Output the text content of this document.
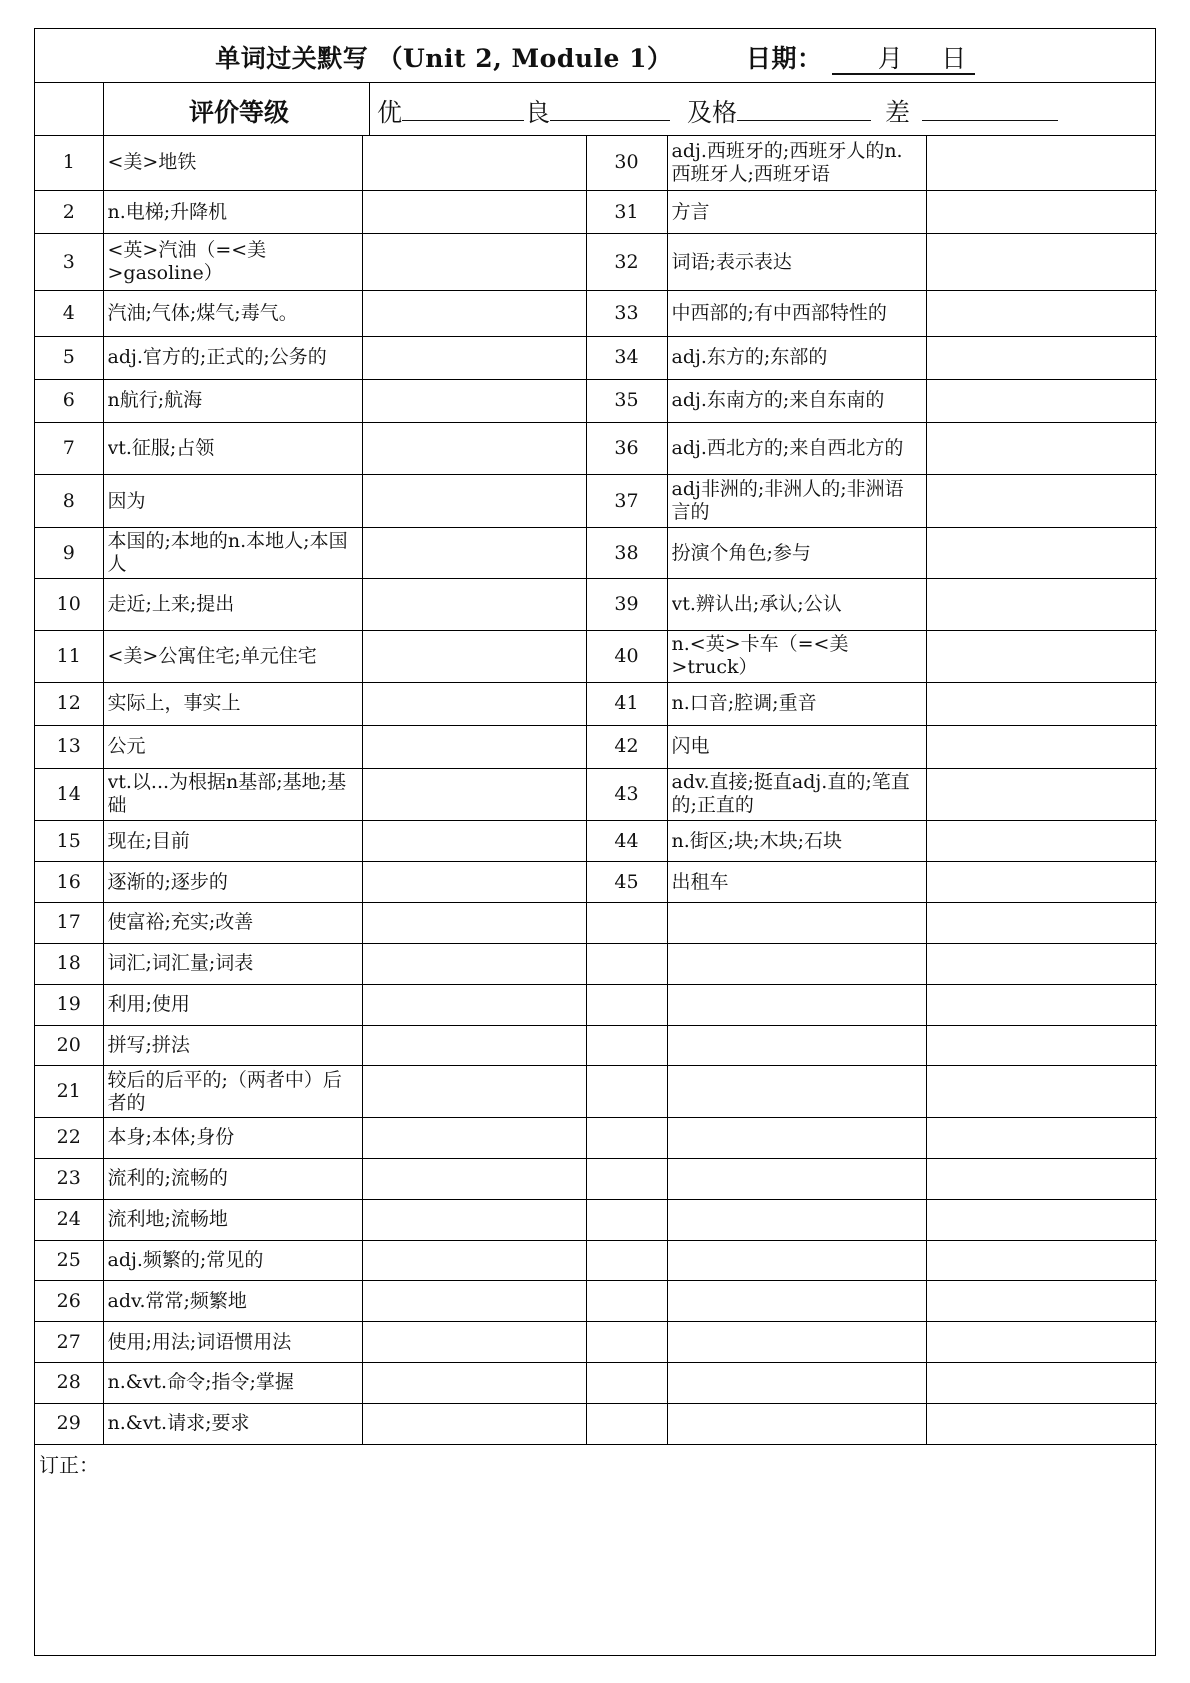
单词过关默写 （Unit 2, Module 1）	日期： 月 日
评价等级	优	良	及格	差
1	<美>地铁		30	adj.西班牙的;西班牙人的n.西班牙人;西班牙语	

2	n.电梯;升降机		31	方言	

3	<英>汽油（=<美>gasoline）		32	词语;表示表达	

4	汽油;气体;煤气;毒气。		33	中西部的;有中西部特性的	

5	adj.官方的;正式的;公务的		34	adj.东方的;东部的	

6	n航行;航海		35	adj.东南方的;来自东南的	

7	vt.征服;占领		36	adj.西北方的;来自西北方的	

8	因为		37	adj非洲的;非洲人的;非洲语言的	

9	本国的;本地的n.本地人;本国人		38	扮演个角色;参与	

10	走近;上来;提出		39	vt.辨认出;承认;公认	

11	<美>公寓住宅;单元住宅		40	n.<英>卡车（=<美>truck）	

12	实际上，事实上		41	n.口音;腔调;重音	

13	公元		42	闪电	

14	vt.以...为根据n基部;基地;基础		43	adv.直接;挺直adj.直的;笔直的;正直的	

15	现在;目前		44	n.街区;块;木块;石块	

16	逐渐的;逐步的		45	出租车	

17	使富裕;充实;改善				

18	词汇;词汇量;词表				

19	利用;使用				

20	拼写;拼法				

21	较后的后平的;（两者中）后者的				

22	本身;本体;身份				

23	流利的;流畅的				

24	流利地;流畅地				

25	adj.频繁的;常见的				

26	adv.常常;频繁地				

27	使用;用法;词语惯用法				

28	n.&vt.命令;指令;掌握				

29	n.&vt.请求;要求				

订正：
